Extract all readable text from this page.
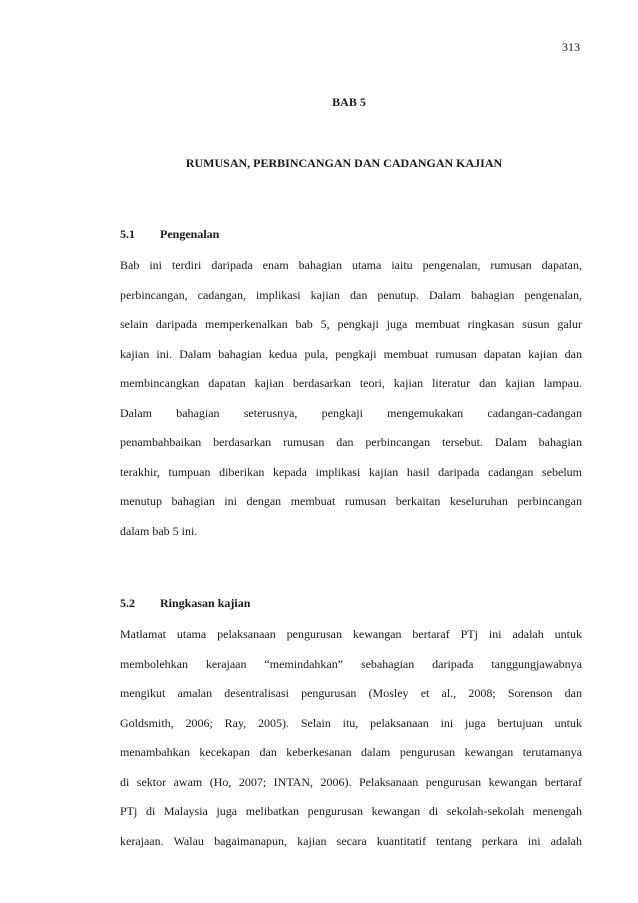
313
BAB 5
RUMUSAN, PERBINCANGAN DAN CADANGAN KAJIAN
5.1 Pengenalan
Bab ini terdiri daripada enam bahagian utama iaitu pengenalan, rumusan dapatan,
perbincangan, cadangan, implikasi kajian dan penutup. Dalam bahagian pengenalan,
selain daripada memperkenalkan bab 5, pengkaji juga membuat ringkasan susun galur
kajian ini. Dalam bahagian kedua pula, pengkaji membuat rumusan dapatan kajian dan
membincangkan dapatan kajian berdasarkan teori, kajian literatur dan kajian lampau.
Dalam bahagian seterusnya, pengkaji mengemukakan cadangan-cadangan
penambahbaikan berdasarkan rumusan dan perbincangan tersebut. Dalam bahagian
terakhir, tumpuan diberikan kepada implikasi kajian hasil daripada cadangan sebelum
menutup bahagian ini dengan membuat rumusan berkaitan keseluruhan perbincangan
dalam bab 5 ini.
5.2 Ringkasan kajian
Matlamat utama pelaksanaan pengurusan kewangan bertaraf PTj ini adalah untuk
membolehkan kerajaan “memindahkan” sebahagian daripada tanggungjawabnya
mengikut amalan desentralisasi pengurusan (Mosley et al., 2008; Sorenson dan
Goldsmith, 2006; Ray, 2005). Selain itu, pelaksanaan ini juga bertujuan untuk
menambahkan kecekapan dan keberkesanan dalam pengurusan kewangan terutamanya
di sektor awam (Ho, 2007; INTAN, 2006). Pelaksanaan pengurusan kewangan bertaraf
PTj di Malaysia juga melibatkan pengurusan kewangan di sekolah-sekolah menengah
kerajaan. Walau bagaimanapun, kajian secara kuantitatif tentang perkara ini adalah
